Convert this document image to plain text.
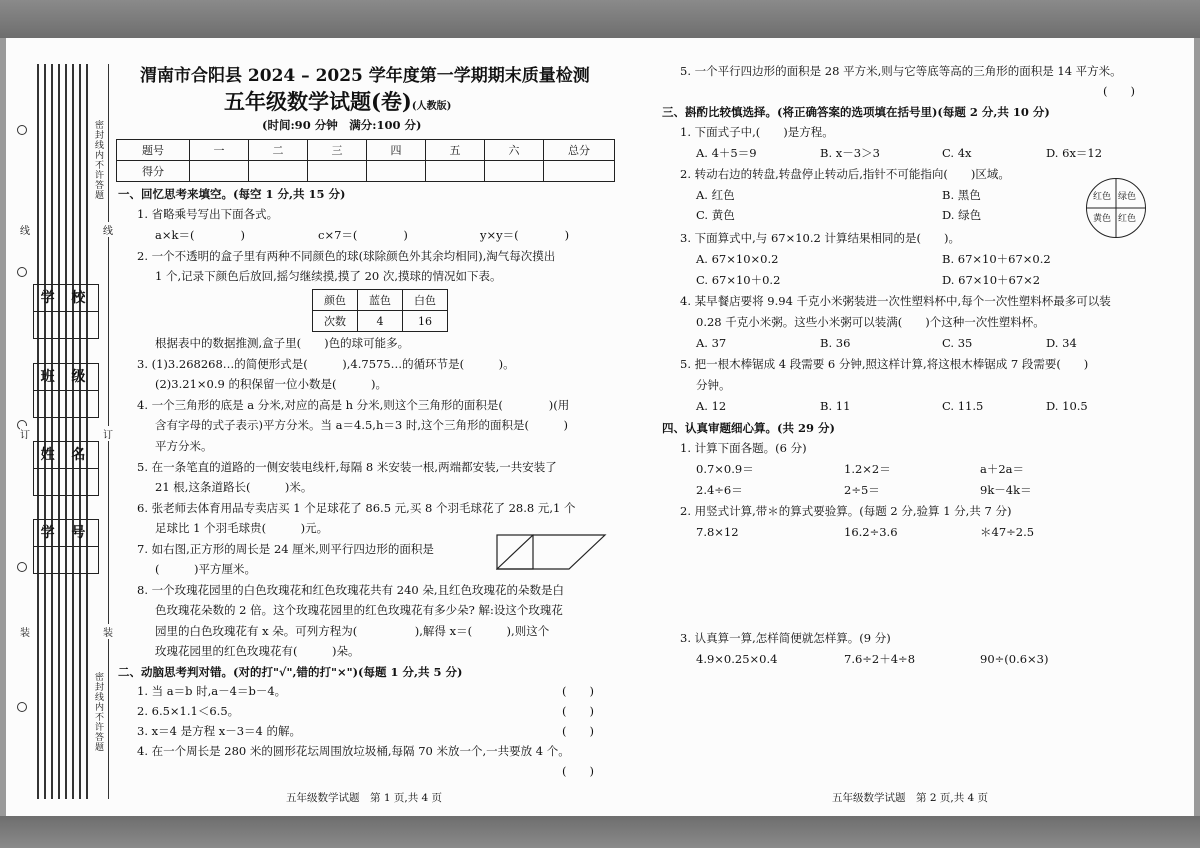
密封线内不许答题
密封线内不许答题
线	线
订	订
装	装
学 校
班 级
姓 名
学 号
渭南市合阳县 2024 – 2025 学年度第一学期期末质量检测
五年级数学试题(卷)(人教版)
(时间:90 分钟　满分:100 分)
题号	一	二	三	四	五	六	总分
得分							
一、回忆思考来填空。(每空 1 分,共 15 分)
1. 省略乘号写出下面各式。
a×k＝(　　　　)	c×7＝(　　　　)	y×y＝(　　　　)
2. 一个不透明的盒子里有两种不同颜色的球(球除颜色外其余均相同),淘气每次摸出
1 个,记录下颜色后放回,摇匀继续摸,摸了 20 次,摸球的情况如下表。
颜色	蓝色	白色
次数	4	16
根据表中的数据推测,盒子里(　　)色的球可能多。
3. (1)3.268268…的简便形式是(　　　),4.7575…的循环节是(　　　)。
(2)3.21×0.9 的积保留一位小数是(　　　)。
4. 一个三角形的底是 a 分米,对应的高是 h 分米,则这个三角形的面积是(　　　　)(用
含有字母的式子表示)平方分米。当 a＝4.5,h＝3 时,这个三角形的面积是(　　　)
平方分米。
5. 在一条笔直的道路的一侧安装电线杆,每隔 8 米安装一根,两端都安装,一共安装了
21 根,这条道路长(　　　)米。
6. 张老师去体育用品专卖店买 1 个足球花了 86.5 元,买 8 个羽毛球花了 28.8 元,1 个
足球比 1 个羽毛球贵(　　　)元。
7. 如右图,正方形的周长是 24 厘米,则平行四边形的面积是
(　　　)平方厘米。
8. 一个玫瑰花园里的白色玫瑰花和红色玫瑰花共有 240 朵,且红色玫瑰花的朵数是白
色玫瑰花朵数的 2 倍。这个玫瑰花园里的红色玫瑰花有多少朵? 解:设这个玫瑰花
园里的白色玫瑰花有 x 朵。可列方程为(　　　　　),解得 x＝(　　　),则这个
玫瑰花园里的红色玫瑰花有(　　　)朵。
二、动脑思考判对错。(对的打"√",错的打"×")(每题 1 分,共 5 分)
1. 当 a＝b 时,a－4＝b－4。	(　　)
2. 6.5×1.1＜6.5。	(　　)
3. x＝4 是方程 x－3＝4 的解。	(　　)
4. 在一个周长是 280 米的圆形花坛周围放垃圾桶,每隔 70 米放一个,一共要放 4 个。
(　　)
五年级数学试题　第 1 页,共 4 页
5. 一个平行四边形的面积是 28 平方米,则与它等底等高的三角形的面积是 14 平方米。
(　　)
三、斟酌比较慎选择。(将正确答案的选项填在括号里)(每题 2 分,共 10 分)
1. 下面式子中,(　　)是方程。
A. 4＋5＝9	B. x－3＞3	C. 4x	D. 6x＝12
2. 转动右边的转盘,转盘停止转动后,指针不可能指向(　　)区域。
A. 红色	B. 黑色
C. 黄色	D. 绿色
红色 绿色
黄色 红色
3. 下面算式中,与 67×10.2 计算结果相同的是(　　)。
A. 67×10×0.2	B. 67×10＋67×0.2
C. 67×10＋0.2	D. 67×10＋67×2
4. 某早餐店要将 9.94 千克小米粥装进一次性塑料杯中,每个一次性塑料杯最多可以装
0.28 千克小米粥。这些小米粥可以装满(　　)个这种一次性塑料杯。
A. 37	B. 36	C. 35	D. 34
5. 把一根木棒锯成 4 段需要 6 分钟,照这样计算,将这根木棒锯成 7 段需要(　　)
分钟。
A. 12	B. 11	C. 11.5	D. 10.5
四、认真审题细心算。(共 29 分)
1. 计算下面各题。(6 分)
0.7×0.9＝	1.2×2＝	a＋2a＝
2.4÷6＝	2÷5＝	9k－4k＝
2. 用竖式计算,带＊的算式要验算。(每题 2 分,验算 1 分,共 7 分)
7.8×12	16.2÷3.6	＊47÷2.5
3. 认真算一算,怎样简便就怎样算。(9 分)
4.9×0.25×0.4	7.6÷2＋4÷8	90÷(0.6×3)
五年级数学试题　第 2 页,共 4 页
